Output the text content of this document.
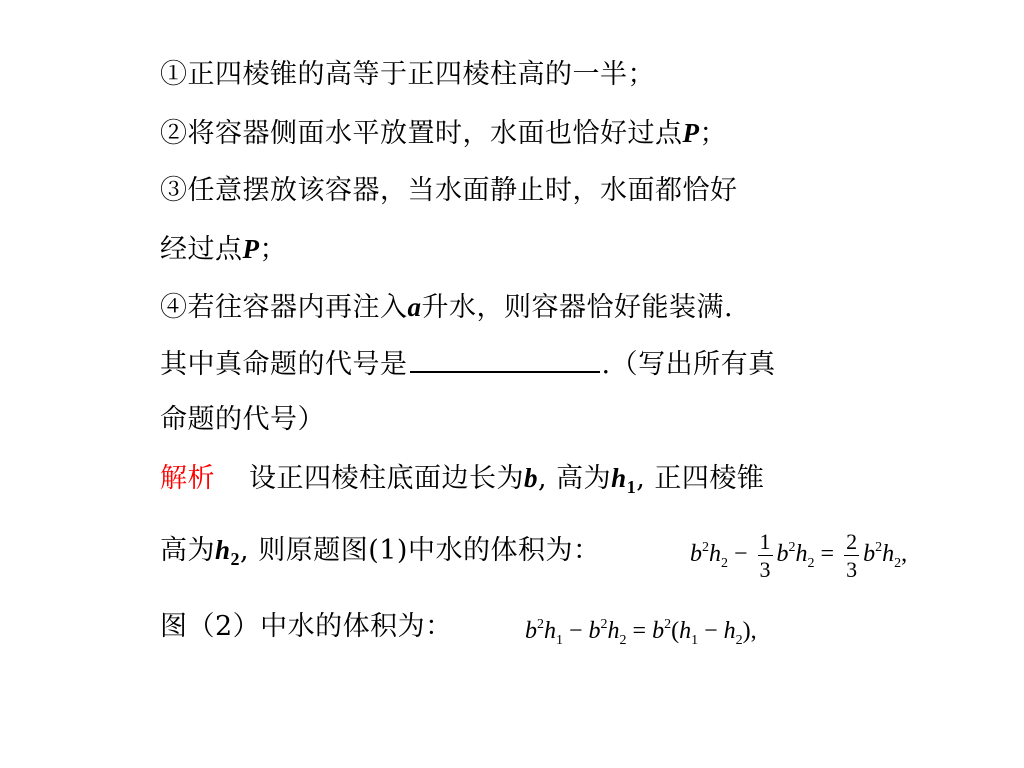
①正四棱锥的高等于正四棱柱高的一半；
②将容器侧面水平放置时，水面也恰好过点P；
③任意摆放该容器，当水面静止时，水面都恰好
经过点P；
④若往容器内再注入a升水，则容器恰好能装满.
其中真命题的代号是	.（写出所有真
命题的代号）
解析 设正四棱柱底面边长为b, 高为$h_1$, 正四棱锥
高为$h_2$, 则原题图(1)中水的体积为：	$b^2h_2 - \frac{1}{3} b^2h_2 = \frac{2}{3} b^2h_2$,
图（2）中水的体积为：	$b^2h_1 - b^2h_2 = b^2(h_1 - h_2)$,
